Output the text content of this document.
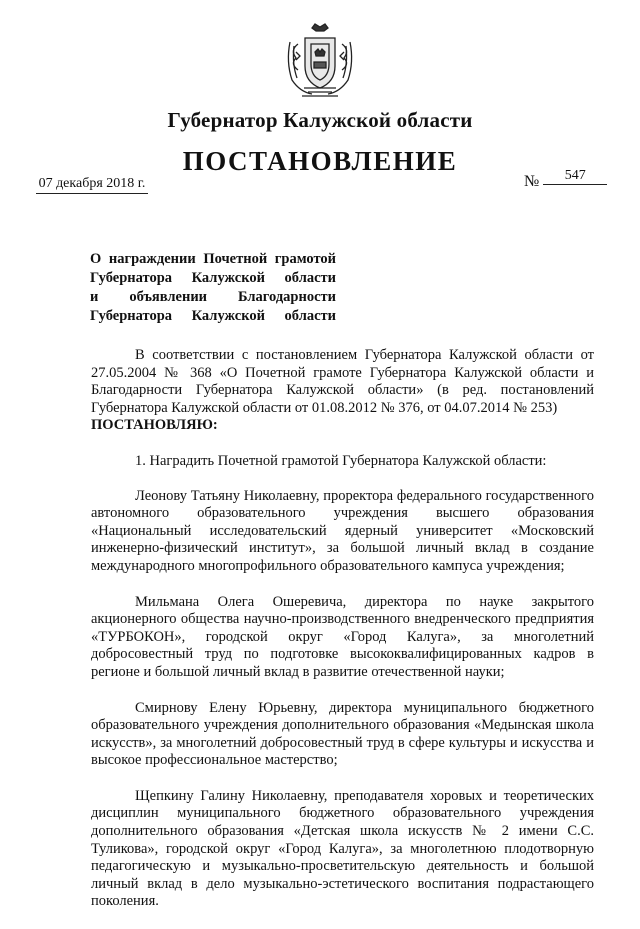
Губернатор Калужской области
ПОСТАНОВЛЕНИЕ
07 декабря 2018 г.	№ 547
О награждении Почетной грамотой
Губернатора Калужской области
и объявлении Благодарности
Губернатора Калужской области

В соответствии с постановлением Губернатора Калужской области от 27.05.2004 № 368 «О Почетной грамоте Губернатора Калужской области и Благодарности Губернатора Калужской области» (в ред. постановлений Губернатора Калужской области от 01.08.2012 № 376, от 04.07.2014 № 253)

ПОСТАНОВЛЯЮ:

1. Наградить Почетной грамотой Губернатора Калужской области:

Леонову Татьяну Николаевну, проректора федерального государственного автономного образовательного учреждения высшего образования «Национальный исследовательский ядерный университет «Московский инженерно-физический институт», за большой личный вклад в создание международного многопрофильного образовательного кампуса учреждения;

Мильмана Олега Ошеревича, директора по науке закрытого акционерного общества научно-производственного внедренческого предприятия «ТУРБОКОН», городской округ «Город Калуга», за многолетний добросовестный труд по подготовке высококвалифицированных кадров в регионе и большой личный вклад в развитие отечественной науки;

Смирнову Елену Юрьевну, директора муниципального бюджетного образовательного учреждения дополнительного образования «Медынская школа искусств», за многолетний добросовестный труд в сфере культуры и искусства и высокое профессиональное мастерство;

Щепкину Галину Николаевну, преподавателя хоровых и теоретических дисциплин муниципального бюджетного образовательного учреждения дополнительного образования «Детская школа искусств № 2 имени С.С. Туликова», городской округ «Город Калуга», за многолетнюю плодотворную педагогическую и музыкально-просветительскую деятельность и большой личный вклад в дело музыкально-эстетического воспитания подрастающего поколения.
